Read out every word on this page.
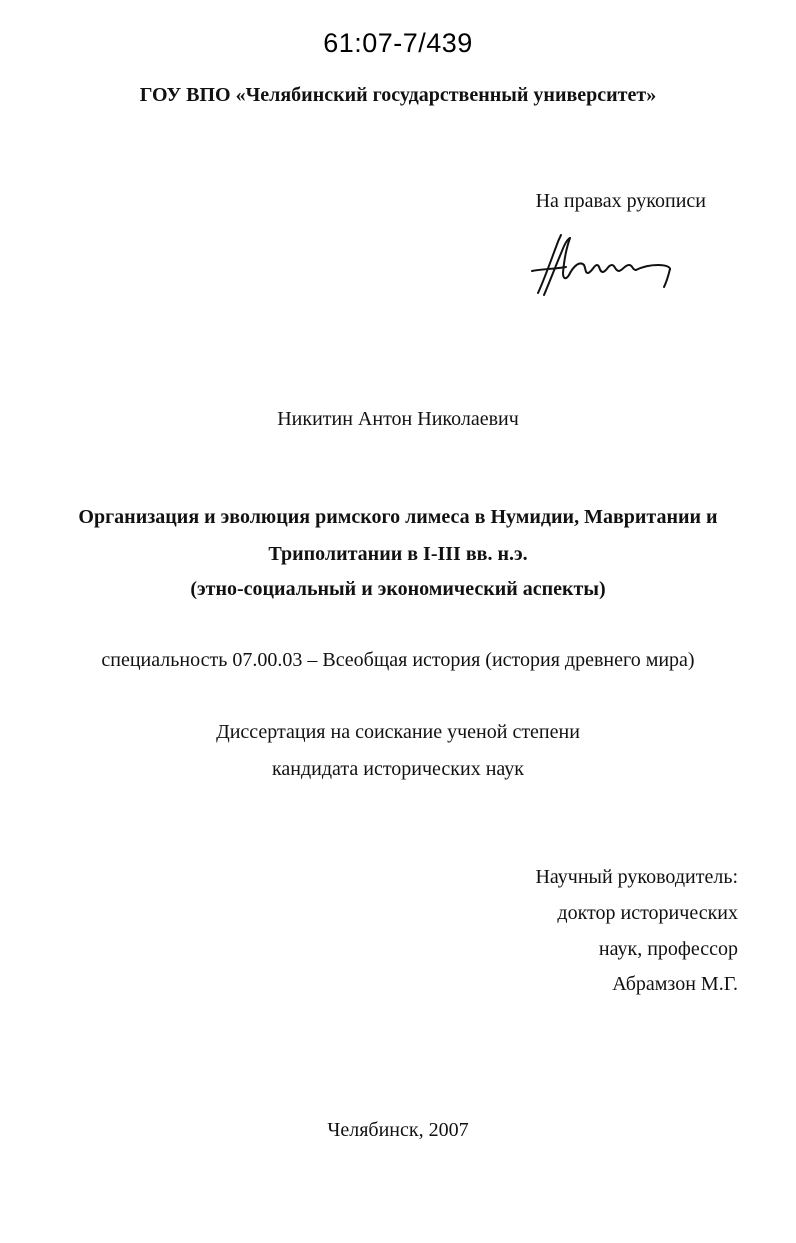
61:07-7/439

ГОУ ВПО «Челябинский государственный университет»

На правах рукописи

Никитин Антон Николаевич

Организация и эволюция римского лимеса в Нумидии, Мавритании и

Триполитании в I-III вв. н.э.

(этно-социальный и экономический аспекты)

специальность 07.00.03 – Всеобщая история (история древнего мира)

Диссертация на соискание ученой степени

кандидата исторических наук

Научный руководитель:

доктор исторических

наук, профессор

Абрамзон М.Г.

Челябинск, 2007
